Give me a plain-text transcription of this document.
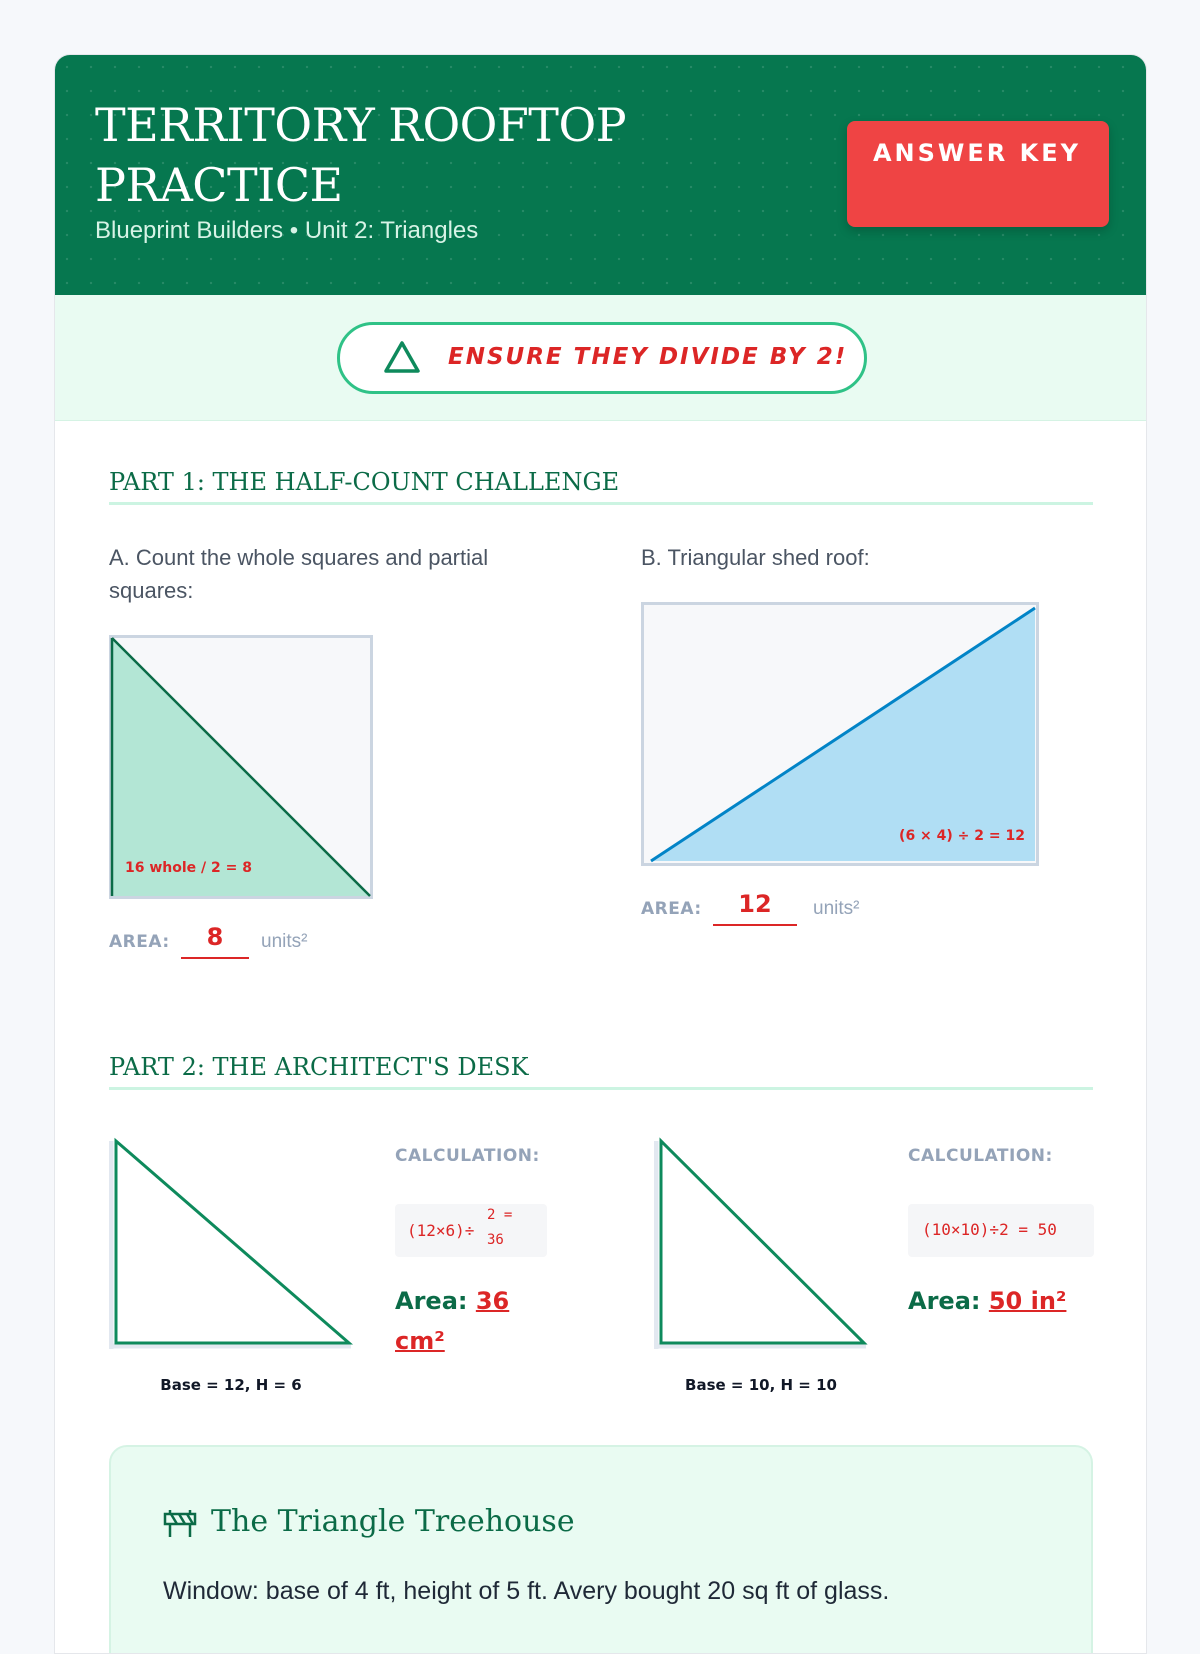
TERRITORY ROOFTOP PRACTICE
Blueprint Builders • Unit 2: Triangles
ANSWER KEY
ENSURE THEY DIVIDE BY 2!
PART 1: THE HALF-COUNT CHALLENGE
A. Count the whole squares and partial squares:
16 whole / 2 = 8
AREA:	8	units²
B. Triangular shed roof:
(6 × 4) ÷ 2 = 12
AREA:	12	units²
PART 2: THE ARCHITECT'S DESK
Base = 12, H = 6
CALCULATION:
(12×6)÷
2 =
36
Area: 36
cm²
Base = 10, H = 10
CALCULATION:
(10×10)÷2 = 50
Area: 50 in²
The Triangle Treehouse
Window: base of 4 ft, height of 5 ft. Avery bought 20 sq ft of glass.
